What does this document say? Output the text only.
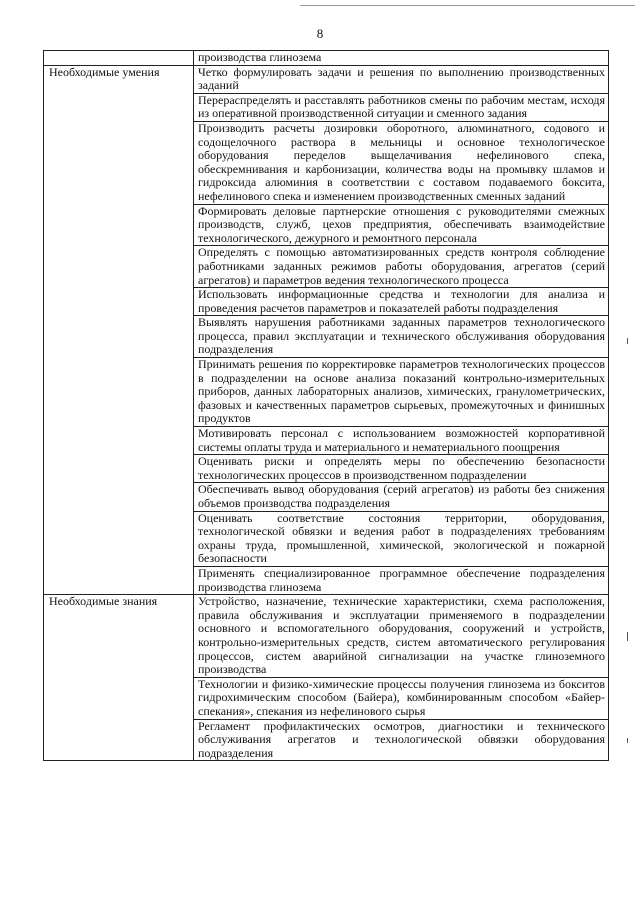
8
	производства глинозема
Необходимые умения	Четко формулировать задачи и решения по выполнению производственных заданий
	Перераспределять и расставлять работников смены по рабочим местам, исходя из оперативной производственной ситуации и сменного задания
	Производить расчеты дозировки оборотного, алюминатного, содового и содощелочного раствора в мельницы и основное технологическое оборудования переделов выщелачивания нефелинового спека, обескремнивания и карбонизации, количества воды на промывку шламов и гидроксида алюминия в соответствии с составом подаваемого боксита, нефелинового спека и изменением производственных сменных заданий
	Формировать деловые партнерские отношения с руководителями смежных производств, служб, цехов предприятия, обеспечивать взаимодействие технологического, дежурного и ремонтного персонала
	Определять с помощью автоматизированных средств контроля соблюдение работниками заданных режимов работы оборудования, агрегатов (серий агрегатов) и параметров ведения технологического процесса
	Использовать информационные средства и технологии для анализа и проведения расчетов параметров и показателей работы подразделения
	Выявлять нарушения работниками заданных параметров технологического процесса, правил эксплуатации и технического обслуживания оборудования подразделения
	Принимать решения по корректировке параметров технологических процессов в подразделении на основе анализа показаний контрольно-измерительных приборов, данных лабораторных анализов, химических, гранулометрических, фазовых и качественных параметров сырьевых, промежуточных и финишных продуктов
	Мотивировать персонал с использованием возможностей корпоративной системы оплаты труда и материального и нематериального поощрения
	Оценивать риски и определять меры по обеспечению безопасности технологических процессов в производственном подразделении
	Обеспечивать вывод оборудования (серий агрегатов) из работы без снижения объемов производства подразделения
	Оценивать соответствие состояния территории, оборудования, технологической обвязки и ведения работ в подразделениях требованиям охраны труда, промышленной, химической, экологической и пожарной безопасности
	Применять специализированное программное обеспечение подразделения производства глинозема
Необходимые знания	Устройство, назначение, технические характеристики, схема расположения, правила обслуживания и эксплуатации применяемого в подразделении основного и вспомогательного оборудования, сооружений и устройств, контрольно-измерительных средств, систем автоматического регулирования процессов, систем аварийной сигнализации на участке глиноземного производства
	Технологии и физико-химические процессы получения глинозема из бокситов гидрохимическим способом (Байера), комбинированным способом «Байер-спекания», спекания из нефелинового сырья
	Регламент профилактических осмотров, диагностики и технического обслуживания агрегатов и технологической обвязки оборудования подразделения
